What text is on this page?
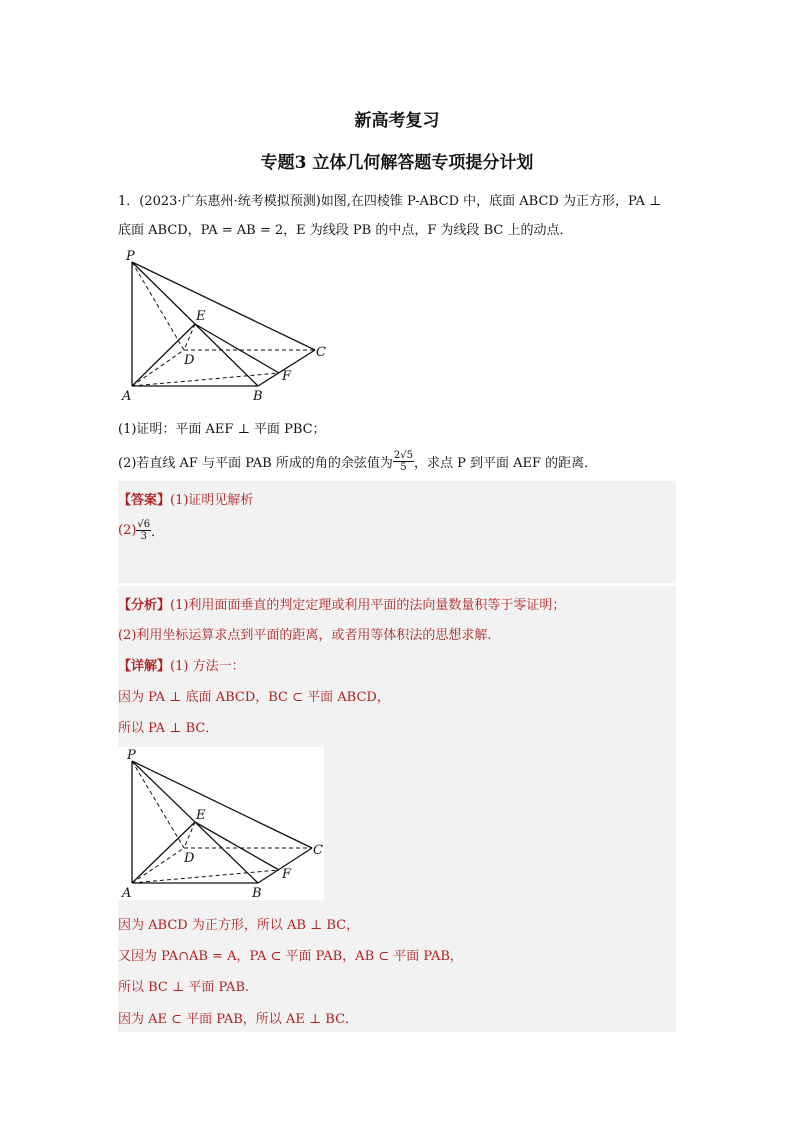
新高考复习
专题3 立体几何解答题专项提分计划
1．(2023·广东惠州·统考模拟预测)如图,在四棱锥 P-ABCD 中，底面 ABCD 为正方形，PA ⊥
底面 ABCD，PA = AB = 2，E 为线段 PB 的中点，F 为线段 BC 上的动点．
P
A	B
C
D
E
F
(1)证明：平面 AEF ⊥ 平面 PBC；
(2)若直线 AF 与平面 PAB 所成的角的余弦值为 $\frac{2√5}{5}$ ，求点 P 到平面 AEF 的距离．
【答案】(1)证明见解析
$(2) \frac{√6}{3}$ ．
【分析】(1)利用面面垂直的判定定理或利用平面的法向量数量积等于零证明；
(2)利用坐标运算求点到平面的距离，或者用等体积法的思想求解.
【详解】(1) 方法一：
因为 PA ⊥ 底面 ABCD，BC ⊂ 平面 ABCD，
所以 PA ⊥ BC．
P
A	B
C
D
E
F
因为 ABCD 为正方形，所以 AB ⊥ BC，
又因为 PA∩AB = A，PA ⊂ 平面 PAB，AB ⊂ 平面 PAB，
所以 BC ⊥ 平面 PAB.
因为 AE ⊂ 平面 PAB，所以 AE ⊥ BC．
